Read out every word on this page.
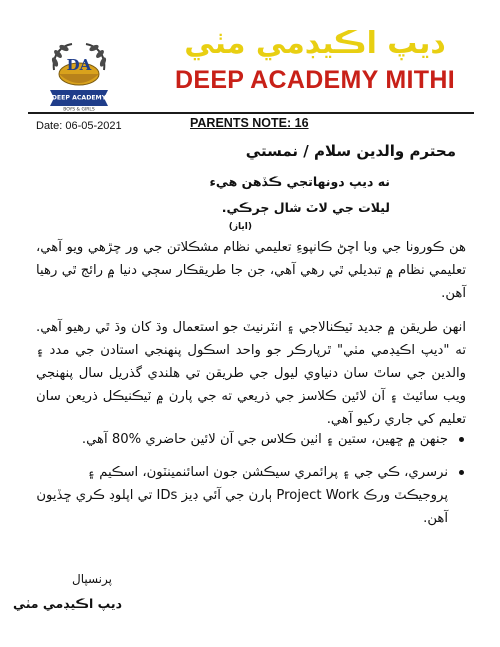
DA
DEEP ACADEMY
BOYS & GIRLS
ديپ اڪيڊمي مٺي
DEEP ACADEMY MITHI
Date: 06-05-2021	PARENTS NOTE: 16
محترم والدين سلام / نمستي
نه ديپ دونهاتجي ڪڏهن هيء
ليلات جي لاٽ شال ڄرڪي.
(اياز)
هن ڪورونا جي وبا اچڻ ڪانپوءِ تعليمي نظام مشڪلاتن جي ور چڙهي ويو آهي، تعليمي نظام ۾ تبديلي ٿي رهي آهي، جن جا طريقڪار سڄي دنيا ۾ رائج ٿي رهيا آهن.
انهن طريقن ۾ جديد ٽيڪنالاجي ۽ انٽرنيٽ جو استعمال وڌ کان وڌ ٿي رهيو آهي. ته "ديپ اڪيڊمي مٺي" ٿرپارڪر جو واحد اسڪول پنهنجي استادن جي مدد ۽ والدين جي ساٿ سان دنياوي ليول جي طريقن تي هلندي گذريل سال پنهنجي ويب سائيٽ ۽ آن لائين ڪلاسز جي ذريعي ته جي پارن ۾ ٽيڪنيڪل ذريعن سان تعليم کي جاري رکيو آهي.
جنهن ۾ ڇهين، ستين ۽ اٺين ڪلاس جي آن لائين حاضري %80 آهي.
نرسري، ڪي جي ۽ پرائمري سيڪشن جون اسائنمينٽون، اسڪيم ۽ پروجيڪٽ ورڪ Project Work ٻارن جي آئي ڊيز IDs تي اپلوڊ ڪري ڇڏيون آهن.
پرنسپال
ديپ اڪيڊمي مٺي
